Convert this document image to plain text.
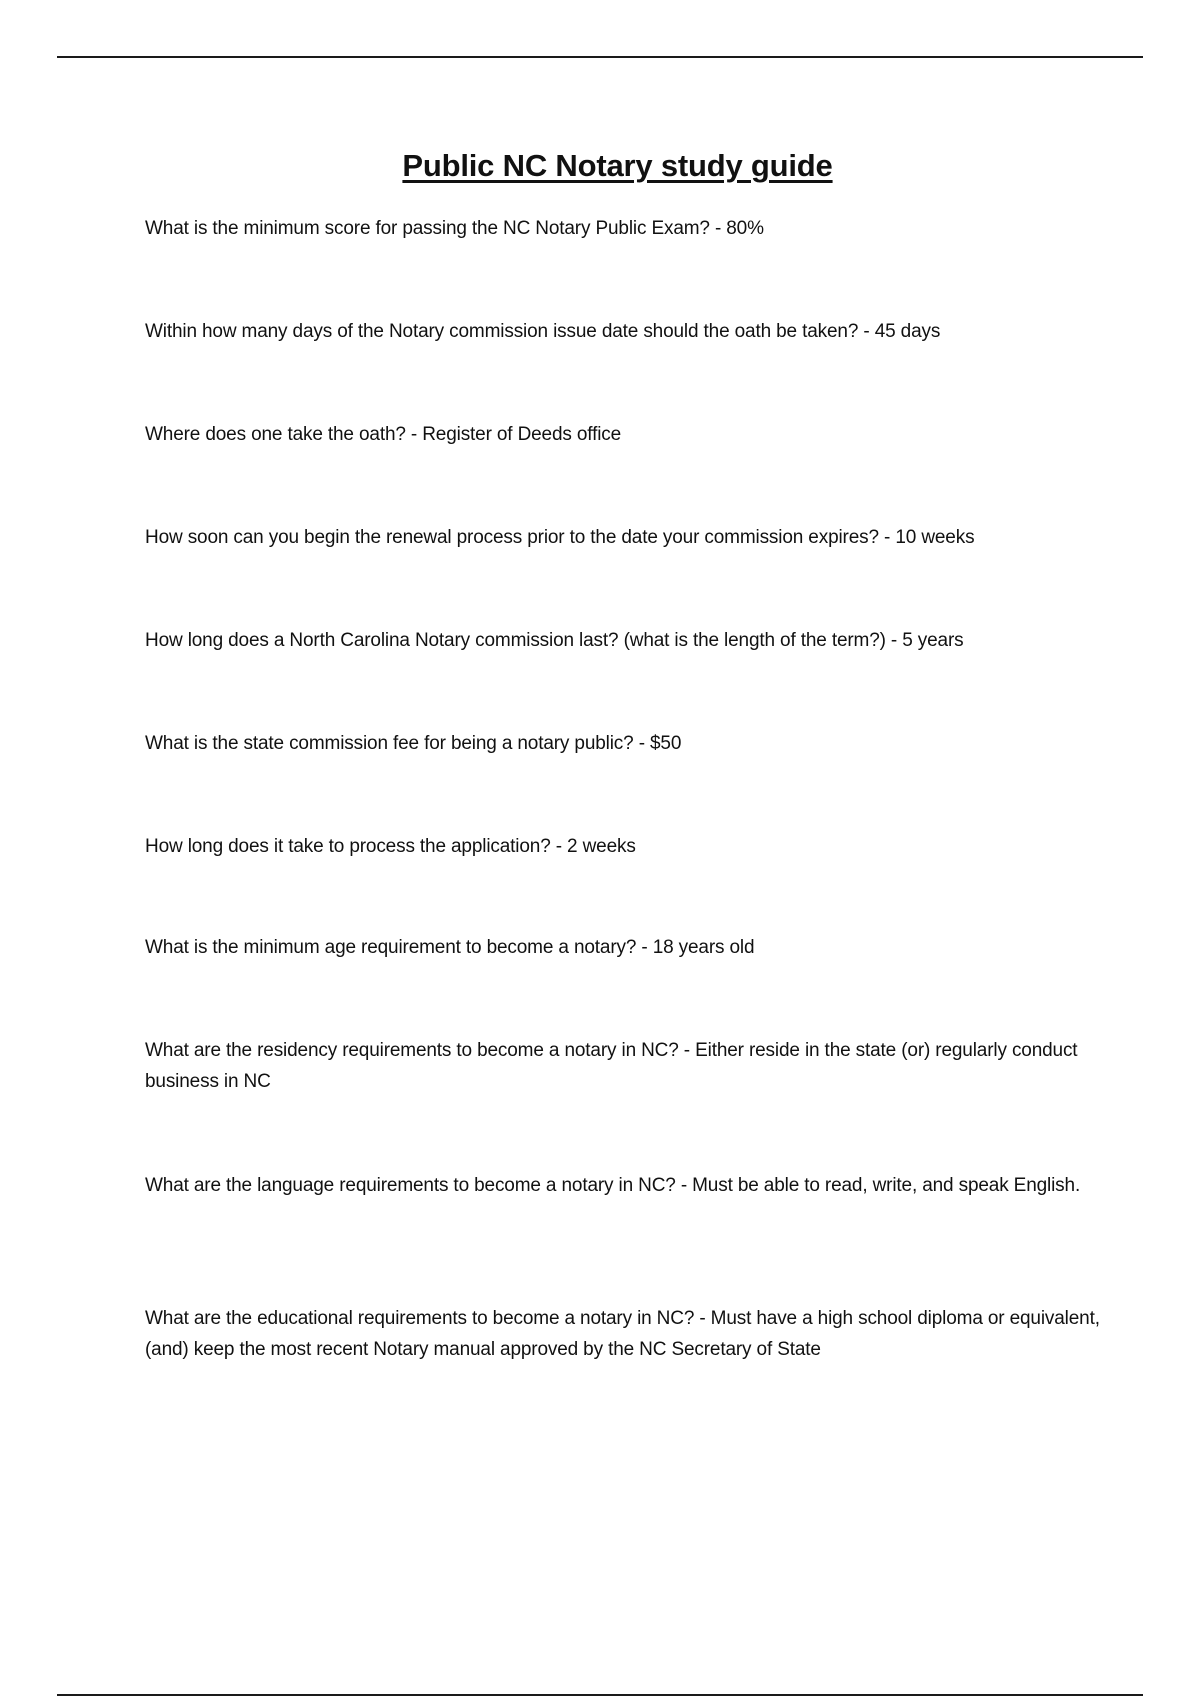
Public NC Notary study guide
What is the minimum score for passing the NC Notary Public Exam? - 80%
Within how many days of the Notary commission issue date should the oath be taken? - 45 days
Where does one take the oath? - Register of Deeds office
How soon can you begin the renewal process prior to the date your commission expires? - 10 weeks
How long does a North Carolina Notary commission last? (what is the length of the term?) - 5 years
What is the state commission fee for being a notary public? - $50
How long does it take to process the application? - 2 weeks
What is the minimum age requirement to become a notary? - 18 years old
What are the residency requirements to become a notary in NC? - Either reside in the state (or) regularly conduct business in NC
What are the language requirements to become a notary in NC? - Must be able to read, write, and speak English.
What are the educational requirements to become a notary in NC? - Must have a high school diploma or equivalent, (and) keep the most recent Notary manual approved by the NC Secretary of State
